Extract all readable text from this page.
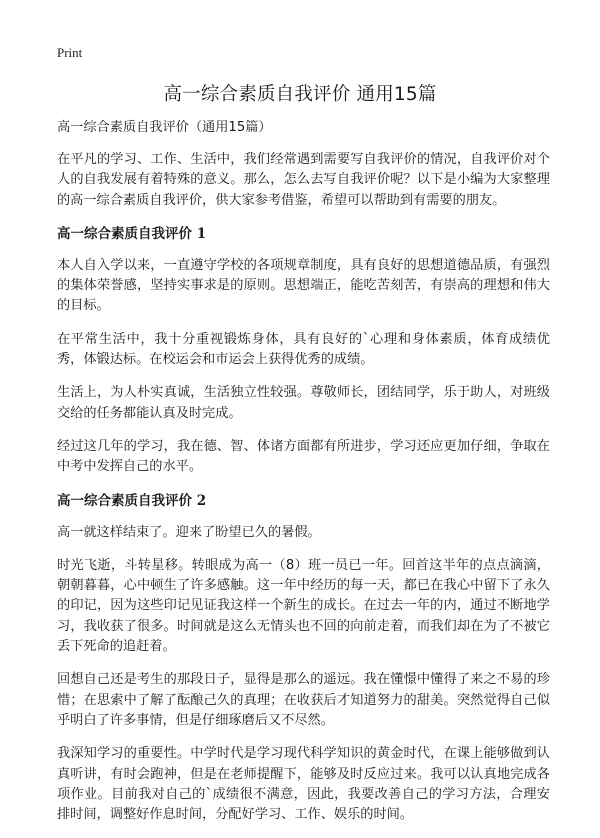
Print
高一综合素质自我评价 通用15篇

高一综合素质自我评价（通用15篇）

在平凡的学习、工作、生活中，我们经常遇到需要写自我评价的情况，自我评价对个人的自我发展有着特殊的意义。那么，怎么去写自我评价呢？以下是小编为大家整理的高一综合素质自我评价，供大家参考借鉴，希望可以帮助到有需要的朋友。

高一综合素质自我评价 1

本人自入学以来，一直遵守学校的各项规章制度，具有良好的思想道德品质，有强烈的集体荣誉感，坚持实事求是的原则。思想端正，能吃苦刻苦，有崇高的理想和伟大的目标。

在平常生活中，我十分重视锻炼身体，具有良好的`心理和身体素质，体育成绩优秀，体锻达标。在校运会和市运会上获得优秀的成绩。

生活上，为人朴实真诚，生活独立性较强。尊敬师长，团结同学，乐于助人，对班级交给的任务都能认真及时完成。

经过这几年的学习，我在德、智、体诸方面都有所进步，学习还应更加仔细，争取在中考中发挥自己的水平。

高一综合素质自我评价 2

高一就这样结束了。迎来了盼望已久的暑假。

时光飞逝，斗转星移。转眼成为高一（8）班一员已一年。回首这半年的点点滴滴，朝朝暮暮，心中顿生了许多感触。这一年中经历的每一天，都已在我心中留下了永久的印记，因为这些印记见证我这样一个新生的成长。在过去一年的内，通过不断地学习，我收获了很多。时间就是这么无情头也不回的向前走着，而我们却在为了不被它丢下死命的追赶着。

回想自己还是考生的那段日子，显得是那么的遥远。我在懂憬中懂得了来之不易的珍惜；在思索中了解了酝酿己久的真理；在收获后才知道努力的甜美。突然觉得自己似乎明白了许多事情，但是仔细琢磨后又不尽然。

我深知学习的重要性。中学时代是学习现代科学知识的黄金时代，在课上能够做到认真听讲，有时会跑神，但是在老师提醒下，能够及时反应过来。我可以认真地完成各项作业。目前我对自己的`成绩很不满意，因此，我要改善自己的学习方法，合理安排时间，调整好作息时间，分配好学习、工作、娱乐的时间。
